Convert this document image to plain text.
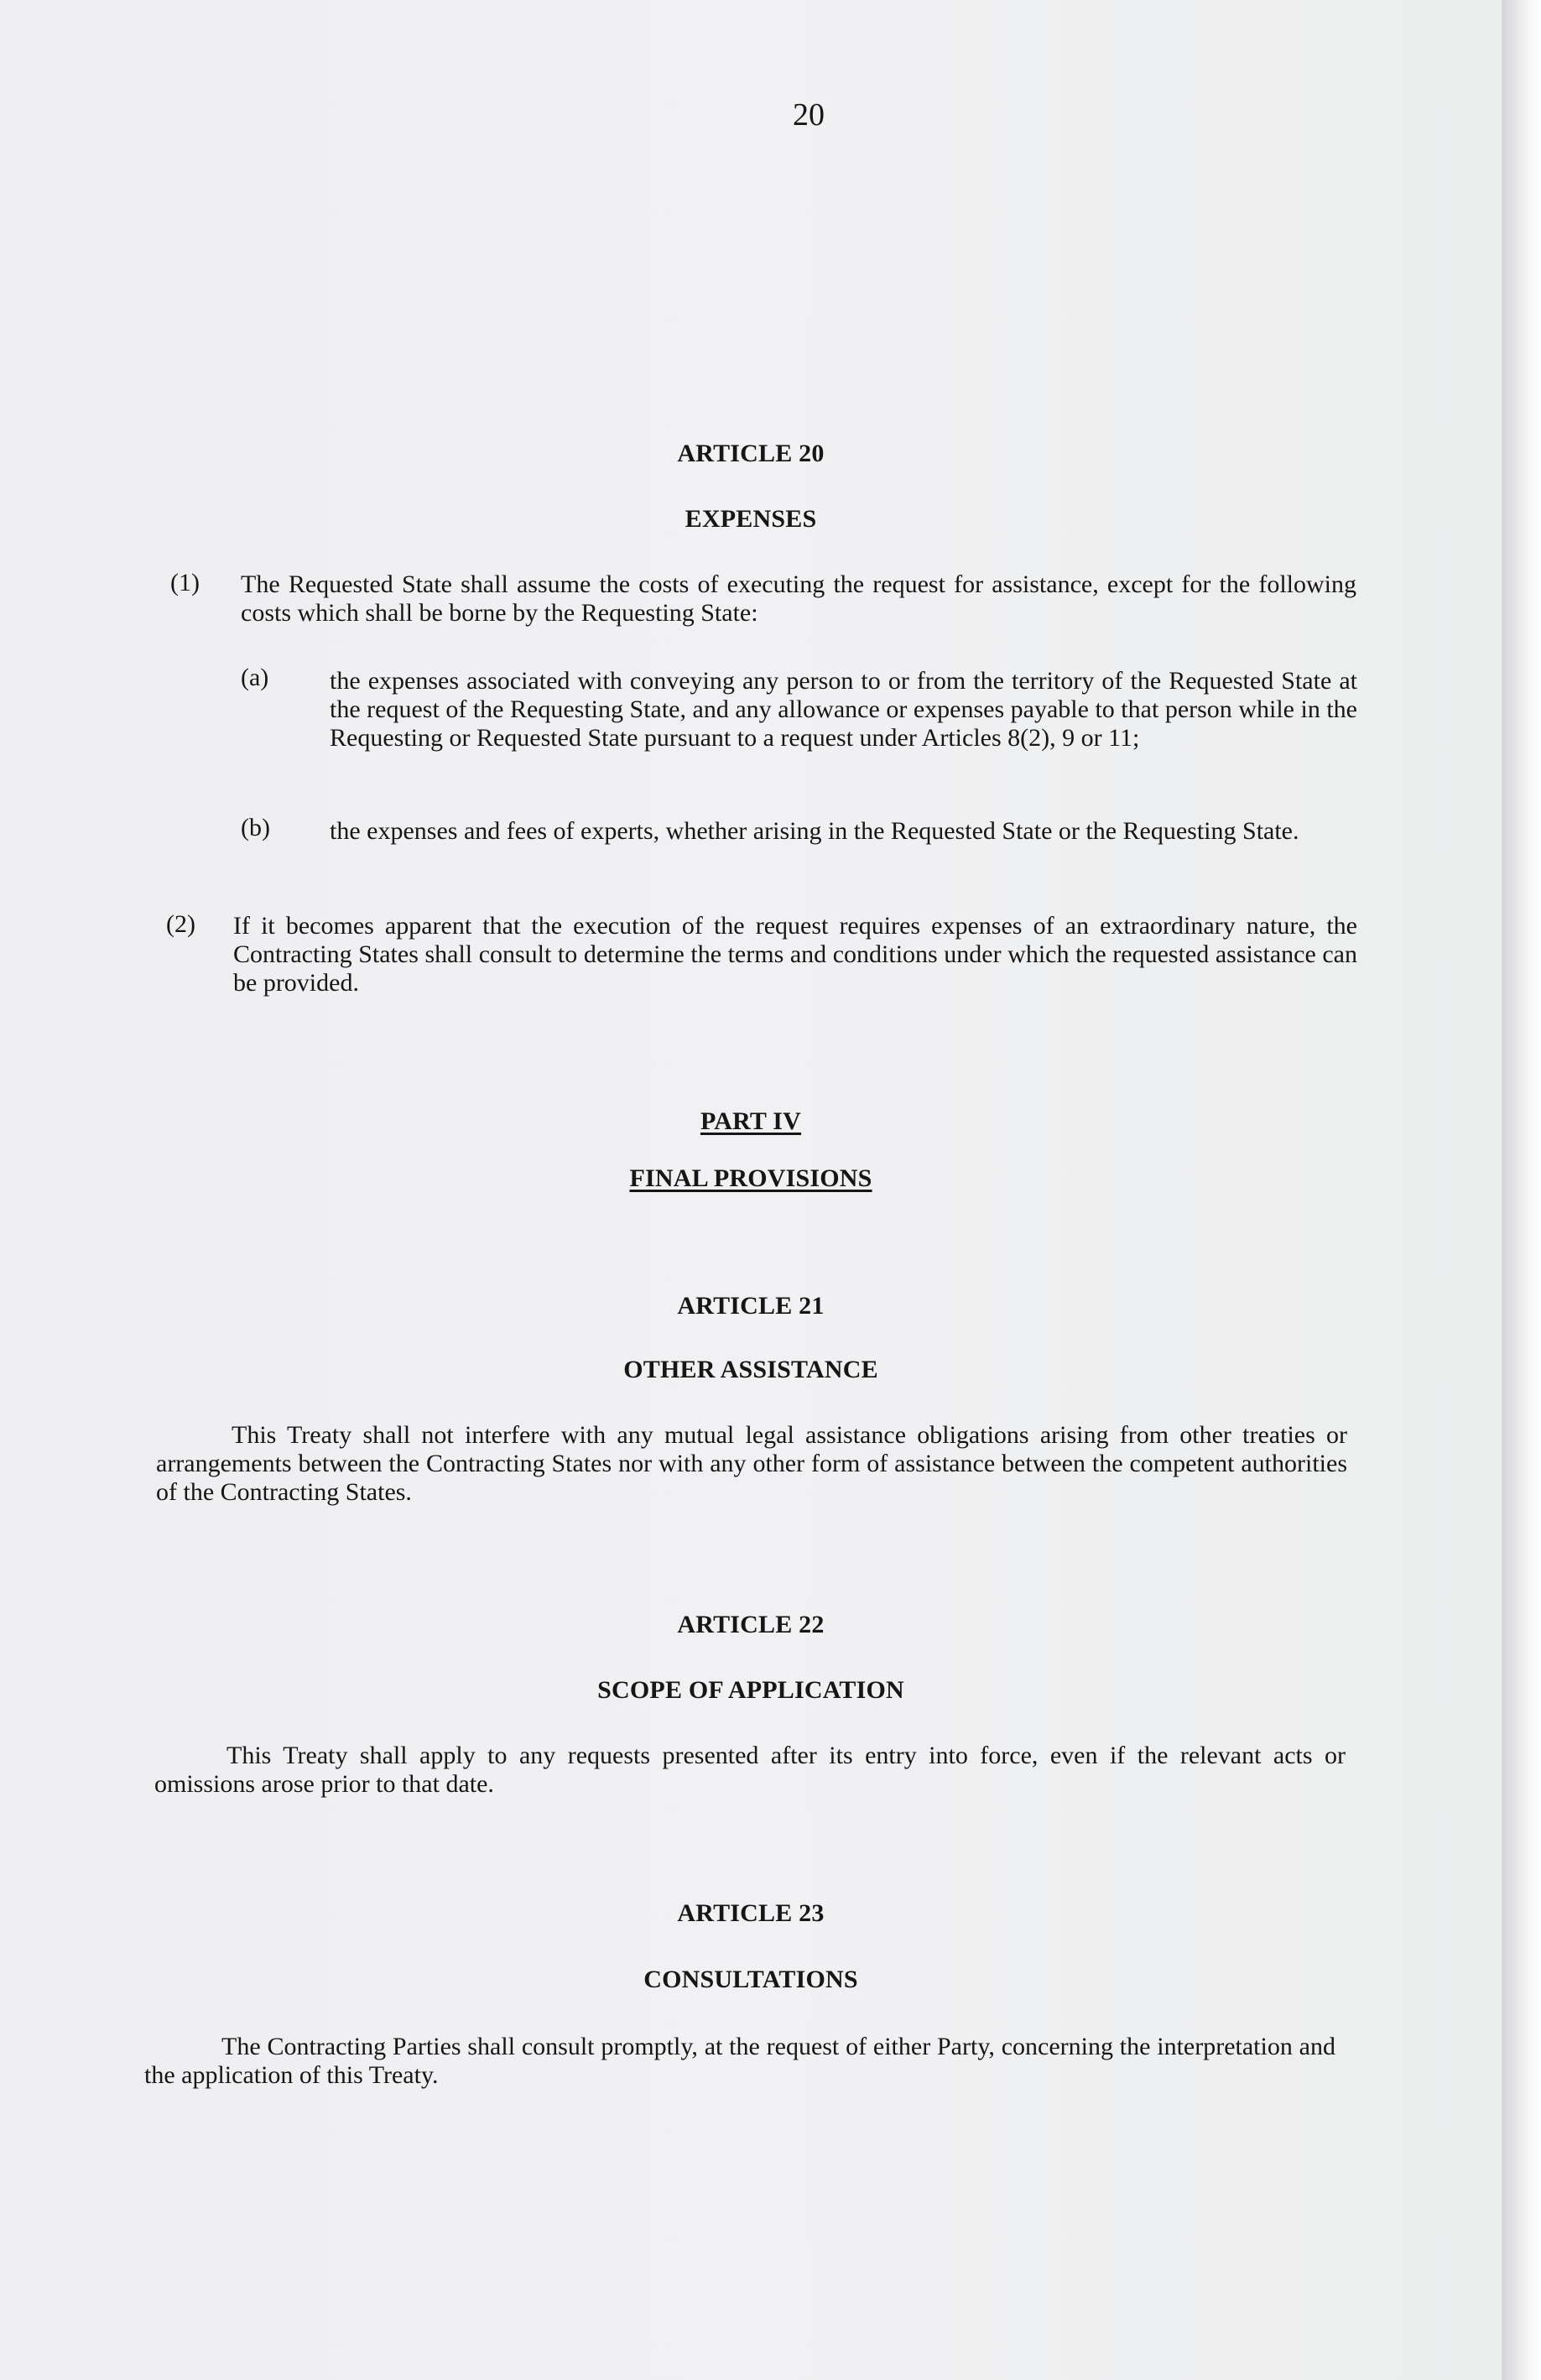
20
ARTICLE 20
EXPENSES
(1) The Requested State shall assume the costs of executing the request for assistance, except for the following costs which shall be borne by the Requesting State:

(a) the expenses associated with conveying any person to or from the territory of the Requested State at the request of the Requesting State, and any allowance or expenses payable to that person while in the Requesting or Requested State pursuant to a request under Articles 8(2), 9 or 11;

(b) the expenses and fees of experts, whether arising in the Requested State or the Requesting State.

(2) If it becomes apparent that the execution of the request requires expenses of an extraordinary nature, the Contracting States shall consult to determine the terms and conditions under which the requested assistance can be provided.

PART IV
FINAL PROVISIONS
ARTICLE 21
OTHER ASSISTANCE

This Treaty shall not interfere with any mutual legal assistance obligations arising from other treaties or arrangements between the Contracting States nor with any other form of assistance between the competent authorities of the Contracting States.

ARTICLE 22
SCOPE OF APPLICATION

This Treaty shall apply to any requests presented after its entry into force, even if the relevant acts or omissions arose prior to that date.

ARTICLE 23
CONSULTATIONS

The Contracting Parties shall consult promptly, at the request of either Party, concerning the interpretation and the application of this Treaty.
